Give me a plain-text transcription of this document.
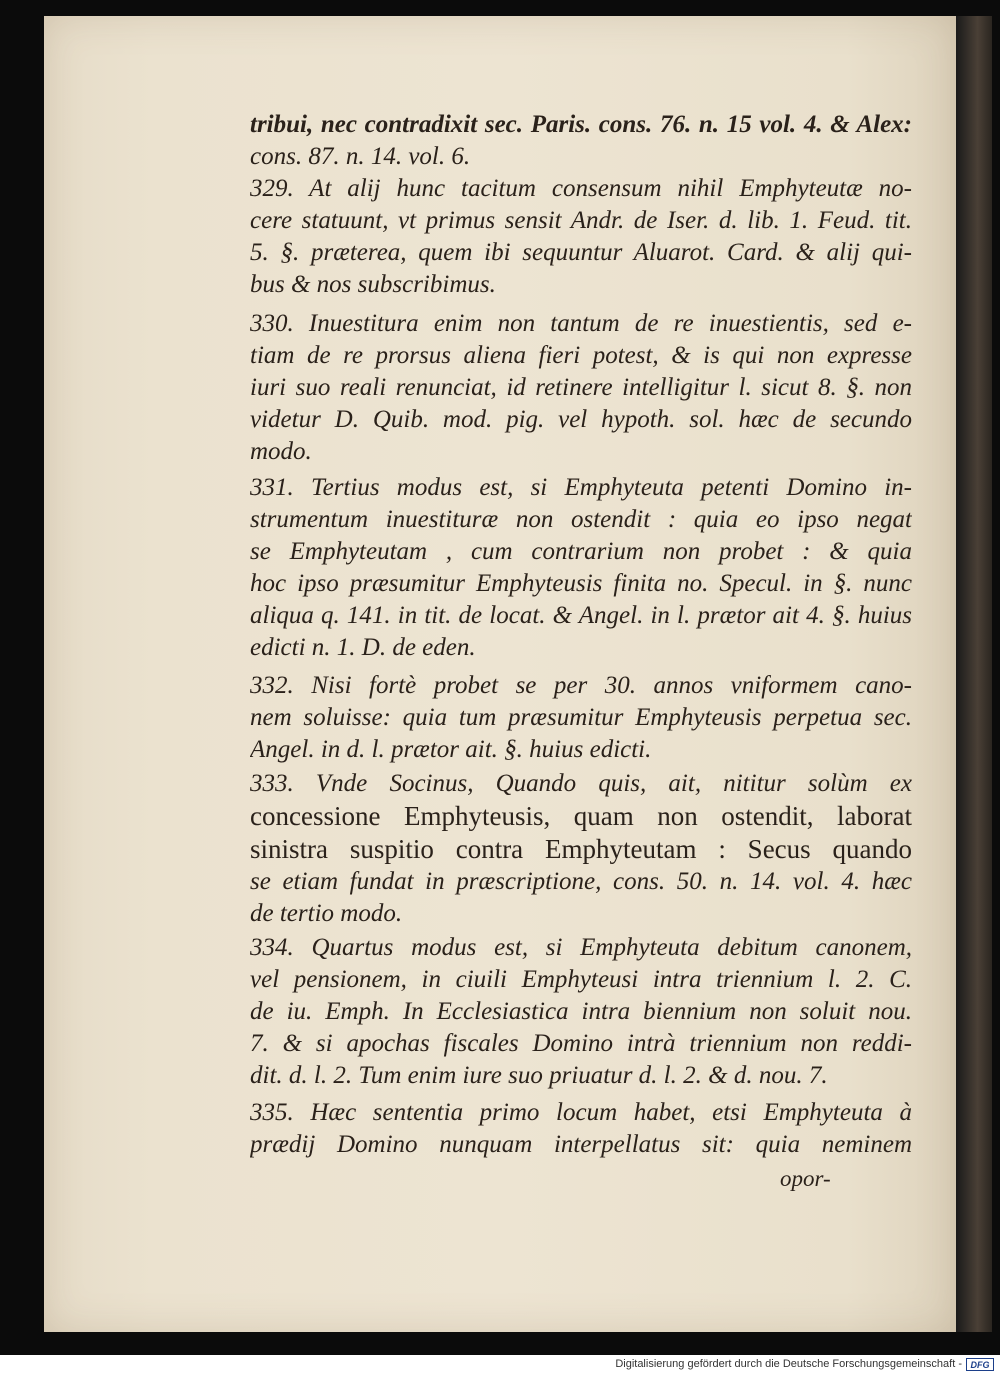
tribui, nec contradixit sec. Paris. cons. 76. n. 15 vol. 4. & Alex:
cons. 87. n. 14. vol. 6.
329. At alij hunc tacitum consensum nihil Emphyteutæ no-
cere statuunt, vt primus sensit Andr. de Iser. d. lib. 1. Feud. tit.
5. §. præterea, quem ibi sequuntur Aluarot. Card. & alij qui-
bus & nos subscribimus.
330. Inuestitura enim non tantum de re inuestientis, sed e-
tiam de re prorsus aliena fieri potest, & is qui non expresse
iuri suo reali renunciat, id retinere intelligitur l. sicut 8. §. non
videtur D. Quib. mod. pig. vel hypoth. sol. hæc de secundo
modo.
331. Tertius modus est, si Emphyteuta petenti Domino in-
strumentum inuestituræ non ostendit : quia eo ipso negat
se Emphyteutam , cum contrarium non probet : & quia
hoc ipso præsumitur Emphyteusis finita no. Specul. in §. nunc
aliqua q. 141. in tit. de locat. & Angel. in l. prætor ait 4. §. huius
edicti n. 1. D. de eden.
332. Nisi fortè probet se per 30. annos vniformem cano-
nem soluisse: quia tum præsumitur Emphyteusis perpetua sec.
Angel. in d. l. prætor ait. §. huius edicti.
333. Vnde Socinus, Quando quis, ait, nititur solùm ex
concessione Emphyteusis, quam non ostendit, laborat
sinistra suspitio contra Emphyteutam : Secus quando
se etiam fundat in præscriptione, cons. 50. n. 14. vol. 4. hæc
de tertio modo.
334. Quartus modus est, si Emphyteuta debitum canonem,
vel pensionem, in ciuili Emphyteusi intra triennium l. 2. C.
de iu. Emph. In Ecclesiastica intra biennium non soluit nou.
7. & si apochas fiscales Domino intrà triennium non reddi-
dit. d. l. 2. Tum enim iure suo priuatur d. l. 2. & d. nou. 7.
335. Hæc sententia primo locum habet, etsi Emphyteuta à
prædij Domino nunquam interpellatus sit: quia neminem
opor-
Digitalisierung gefördert durch die Deutsche Forschungsgemeinschaft - DFG
